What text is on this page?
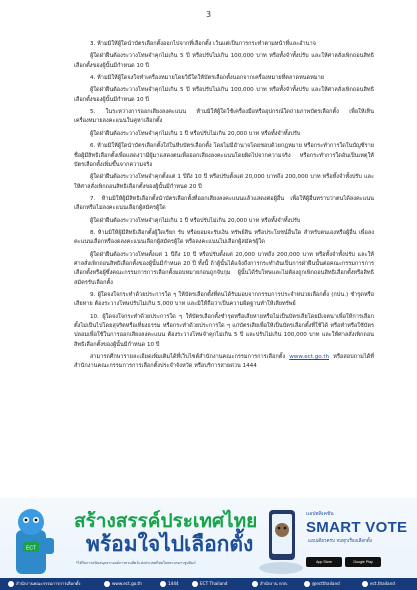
3

3. ห้ามมิให้ผู้ใดนำบัตรเลือกตั้งออกไปจากที่เลือกตั้ง เว้นแต่เป็นการกระทำตามหน้าที่และอำนาจ

ผู้ใดฝ่าฝืนต้องระวางโทษจำคุกไม่เกิน 5 ปี หรือปรับไม่เกิน 100,000 บาท หรือทั้งจำทั้งปรับ และให้ศาลสั่งเพิกถอนสิทธิเลือกตั้งของผู้นั้นมีกำหนด 10 ปี

4. ห้ามมิให้ผู้ใดจงใจทำเครื่องหมายโดยวิธีใดให้บัตรเลือกตั้งนอกจากเครื่องหมายที่ตลาดหนดหมาย

ผู้ใดฝ่าฝืนต้องระวางโทษจำคุกไม่เกิน 5 ปี หรือปรับไม่เกิน 100,000 บาท หรือทั้งจำทั้งปรับ และให้ศาลสั่งเพิกถอนสิทธิเลือกตั้งของผู้นั้นมีกำหนด 10 ปี

5. ในระหว่างการออกเสียงลงคะแนน ห้ามมิให้ผู้ใดใช้เครื่องมือหรืออุปกรณ์ใดถ่ายภาพบัตรเลือกตั้ง เพื่อให้เห็นเครื่องหมายลงคะแนนในคูหาเลือกตั้ง

ผู้ใดฝ่าฝืนต้องระวางโทษจำคุกไม่เกิน 1 ปี หรือปรับไม่เกิน 20,000 บาท หรือทั้งจำทั้งปรับ

6. ห้ามมิให้ผู้ใดนำบัตรเลือกตั้งใส่ในหีบบัตรเลือกตั้ง โดยไม่มีอำนาจโดยชอบด้วยกฎหมาย หรือกระทำการใดในบัญชีรายชื่อผู้มีสิทธิเลือกตั้งเพื่อแสดงว่ามีผู้มาแสดงตนเพื่อออกเสียงลงคะแนนโดยผิดไปจากความจริง หรือกระทำการใดอันเป็นเหตุให้บัตรเลือกตั้งเพิ่มขึ้นจากความจริง

ผู้ใดฝ่าฝืนต้องระวางโทษจำคุกตั้งแต่ 1 ปีถึง 10 ปี หรือปรับตั้งแต่ 20,000 บาทถึง 200,000 บาท หรือทั้งจำทั้งปรับ และให้ศาลสั่งเพิกถอนสิทธิเลือกตั้งของผู้นั้นมีกำหนด 20 ปี

7. ห้ามมิให้ผู้มีสิทธิเลือกตั้งนำบัตรเลือกตั้งที่ออกเสียงลงคะแนนแล้วแสดงต่อผู้อื่น เพื่อให้ผู้อื่นทราบว่าตนได้ลงคะแนนเลือกหรือไม่ลงคะแนนเลือกผู้สมัครผู้ใด

ผู้ใดฝ่าฝืนต้องระวางโทษจำคุกไม่เกิน 1 ปี หรือปรับไม่เกิน 20,000 บาท หรือทั้งจำทั้งปรับ

8. ห้ามมิให้ผู้มีสิทธิเลือกตั้งผู้ใดเรียก รับ หรือยอมจะรับเงิน ทรัพย์สิน หรือประโยชน์อื่นใด สำหรับตนเองหรือผู้อื่น เพื่อลงคะแนนเลือกหรืองดลงคะแนนเลือกผู้สมัครผู้ใด หรือลงคะแนนไม่เลือกผู้สมัครผู้ใด

ผู้ใดฝ่าฝืนต้องระวางโทษตั้งแต่ 1 ปีถึง 10 ปี หรือปรับตั้งแต่ 20,000 บาทถึง 200,000 บาท หรือทั้งจำทั้งปรับ และให้ศาลสั่งเพิกถอนสิทธิเลือกตั้งของผู้นั้นมีกำหนด 20 ปี ทั้งนี้ ถ้าผู้นั้นได้แจ้งถึงการกระทำอันเป็นการฝ่าฝืนนั้นต่อคณะกรรมการการเลือกตั้งหรือผู้ซึ่งคณะกรรมการการเลือกตั้งมอบหมายก่อนถูกจับกุม ผู้นั้นได้รับโทษและไม่ต้องถูกเพิกถอนสิทธิเลือกตั้งหรือสิทธิสมัครรับเลือกตั้ง

9. ผู้ใดจงใจกระทำด้วยประการใด ๆ ให้บัตรเลือกตั้งที่ตนได้รับมอบจากกรรมการประจำหน่วยเลือกตั้ง (กปน.) ชำรุดหรือเสียหาย ต้องระวางโทษปรับไม่เกิน 5,000 บาท และมิให้ถือว่าเป็นความผิดฐานทำให้เสียทรัพย์

10. ผู้ใดจงใจกระทำด้วยประการใด ๆ ให้บัตรเลือกตั้งชำรุดหรือเสียหายหรือไม่เป็นบัตรเสียโดยมีเจตนาเพื่อให้การเลือกตั้งไม่เป็นไปโดยสุจริตหรือเที่ยงธรรม หรือกระทำด้วยประการใด ๆ แก่บัตรเสียเพื่อให้เป็นบัตรเลือกตั้งที่ใช้ได้ หรือทำหรือใช้บัตรปลอมเพื่อใช้ในการออกเสียงลงคะแนน ต้องระวางโทษจำคุกไม่เกิน 5 ปี และปรับไม่เกิน 100,000 บาท และให้ศาลสั่งเพิกถอนสิทธิเลือกตั้งของผู้นั้นมีกำหนด 10 ปี

สามารถศึกษารายละเอียดเพิ่มเติมได้ที่เว็บไซต์สำนักงานคณะกรรมการการเลือกตั้ง www.ect.go.th หรือสอบถามได้ที่สำนักงานคณะกรรมการการเลือกตั้งประจำจังหวัด หรือบริการสายด่วน 1444

ECT
สร้างสรรค์ประเทศไทย
พร้อมใจไปเลือกตั้ง
*ได้รับการสนับสนุนจากองค์การสวนสัตว์แห่งประเทศไทยในพระบรมราชูปถัมภ์
แอปพลิเคชัน
SMART VOTE
แอปเดียวครบ จบทุกเรื่องเลือกตั้ง
App Store	Google Play
สำนักงานคณะกรรมการการเลือกตั้ง	www.ect.go.th	1444	ECT Thailand	สำนักงาน กกต.	@ectthailand	ect.thailand
